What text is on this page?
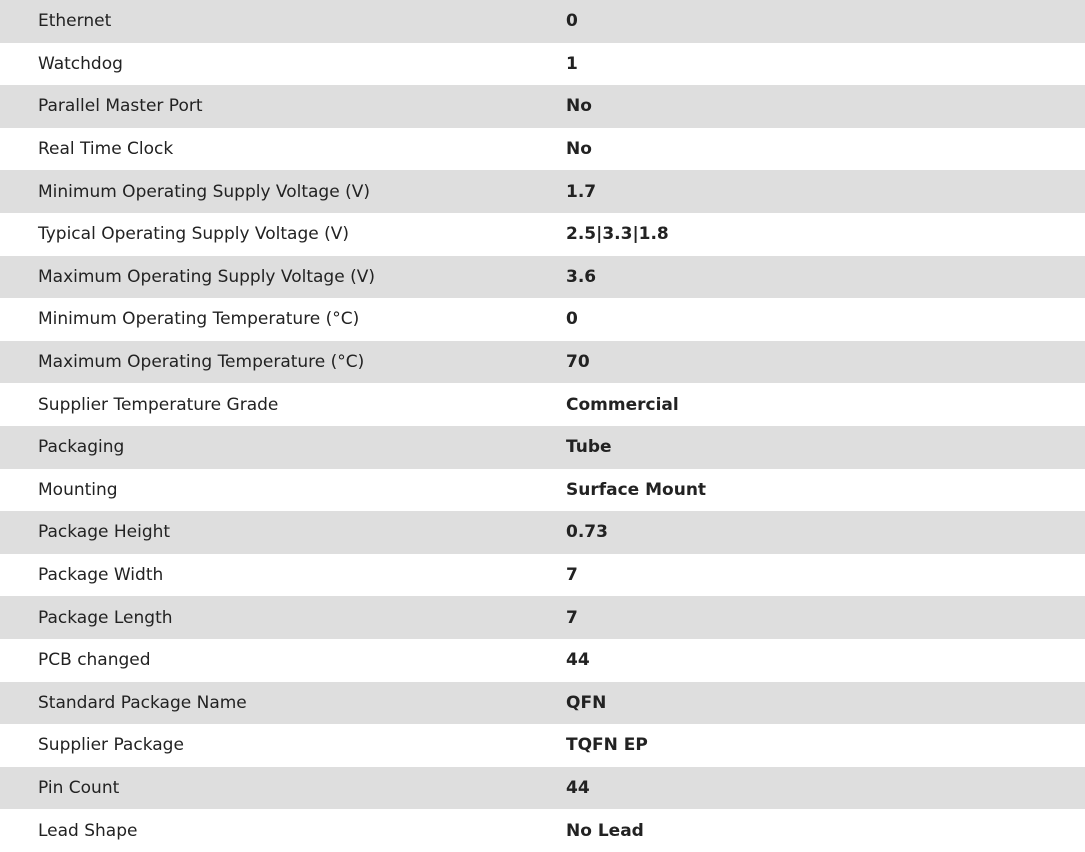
Ethernet	0
Watchdog	1
Parallel Master Port	No
Real Time Clock	No
Minimum Operating Supply Voltage (V)	1.7
Typical Operating Supply Voltage (V)	2.5|3.3|1.8
Maximum Operating Supply Voltage (V)	3.6
Minimum Operating Temperature (°C)	0
Maximum Operating Temperature (°C)	70
Supplier Temperature Grade	Commercial
Packaging	Tube
Mounting	Surface Mount
Package Height	0.73
Package Width	7
Package Length	7
PCB changed	44
Standard Package Name	QFN
Supplier Package	TQFN EP
Pin Count	44
Lead Shape	No Lead
